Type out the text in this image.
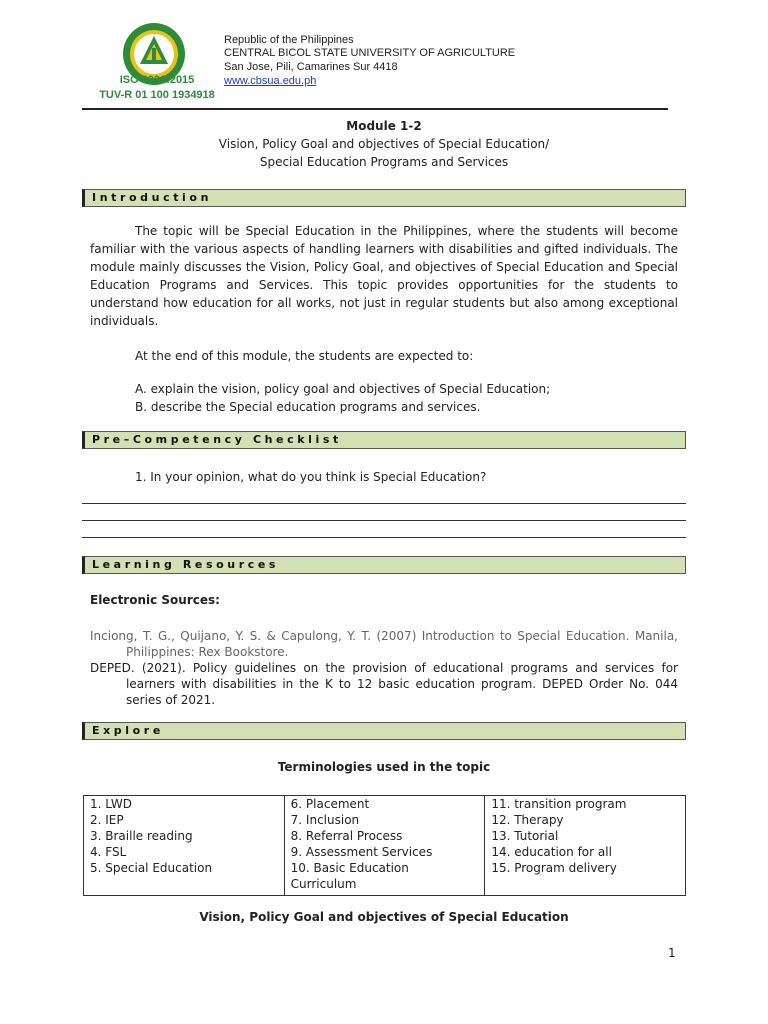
ISO 9001:2015
TUV-R 01 100 1934918
Republic of the Philippines
CENTRAL BICOL STATE UNIVERSITY OF AGRICULTURE
San Jose, Pili, Camarines Sur 4418
www.cbsua.edu.ph
Module 1-2
Vision, Policy Goal and objectives of Special Education/
Special Education Programs and Services
Introduction
The topic will be Special Education in the Philippines, where the students will become familiar with the various aspects of handling learners with disabilities and gifted individuals. The module mainly discusses the Vision, Policy Goal, and objectives of Special Education and Special Education Programs and Services. This topic provides opportunities for the students to understand how education for all works, not just in regular students but also among exceptional individuals.
At the end of this module, the students are expected to:
A. explain the vision, policy goal and objectives of Special Education;
B. describe the Special education programs and services.
Pre–Competency Checklist
1. In your opinion, what do you think is Special Education?
Learning Resources
Electronic Sources:
Inciong, T. G., Quijano, Y. S. & Capulong, Y. T. (2007) Introduction to Special Education. Manila, Philippines: Rex Bookstore.
DEPED. (2021). Policy guidelines on the provision of educational programs and services for learners with disabilities in the K to 12 basic education program. DEPED Order No. 044 series of 2021.
Explore
Terminologies used in the topic
1. LWD
2. IEP
3. Braille reading
4. FSL
5. Special Education

6. Placement
7. Inclusion
8. Referral Process
9. Assessment Services
10. Basic Education Curriculum

11. transition program
12. Therapy
13. Tutorial
14. education for all
15. Program delivery
Vision, Policy Goal and objectives of Special Education
1
